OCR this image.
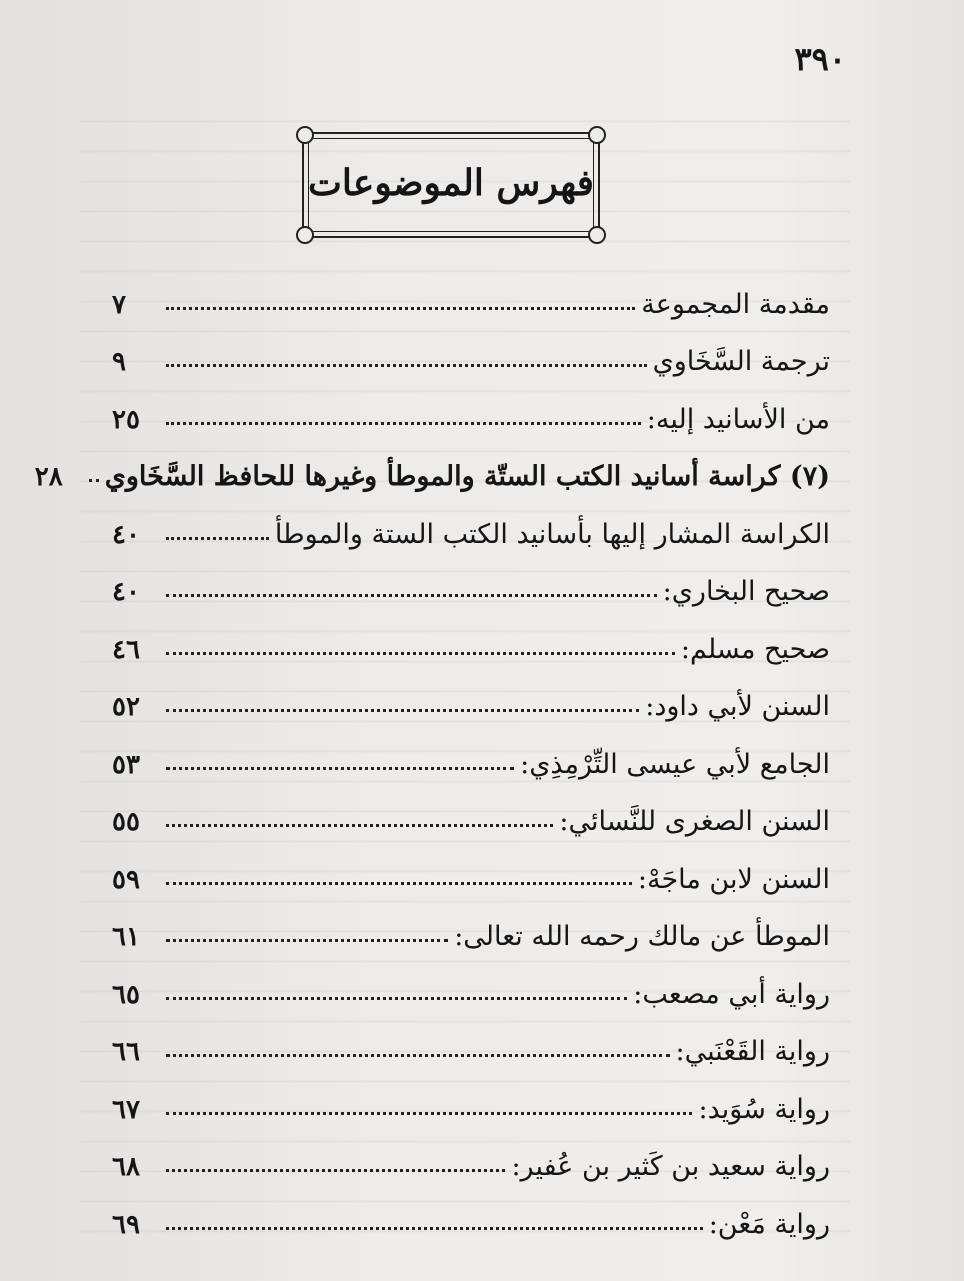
٣٩٠
فهرس الموضوعات
مقدمة المجموعة
٧
ترجمة السَّخَاوي
٩
من الأسانيد إليه:
٢٥
(٧) كراسة أسانيد الكتب الستّة والموطأ وغيرها للحافظ السَّخَاوي
٢٨
الكراسة المشار إليها بأسانيد الكتب الستة والموطأ
٤٠
صحيح البخاري:
٤٠
صحيح مسلم:
٤٦
السنن لأبي داود:
٥٢
الجامع لأبي عيسى التِّرْمِذِي:
٥٣
السنن الصغرى للنَّسائي:
٥٥
السنن لابن ماجَهْ:
٥٩
الموطأ عن مالك رحمه الله تعالى:
٦١
رواية أبي مصعب:
٦٥
رواية القَعْنَبي:
٦٦
رواية سُوَيد:
٦٧
رواية سعيد بن كَثير بن عُفير:
٦٨
رواية مَعْن:
٦٩
